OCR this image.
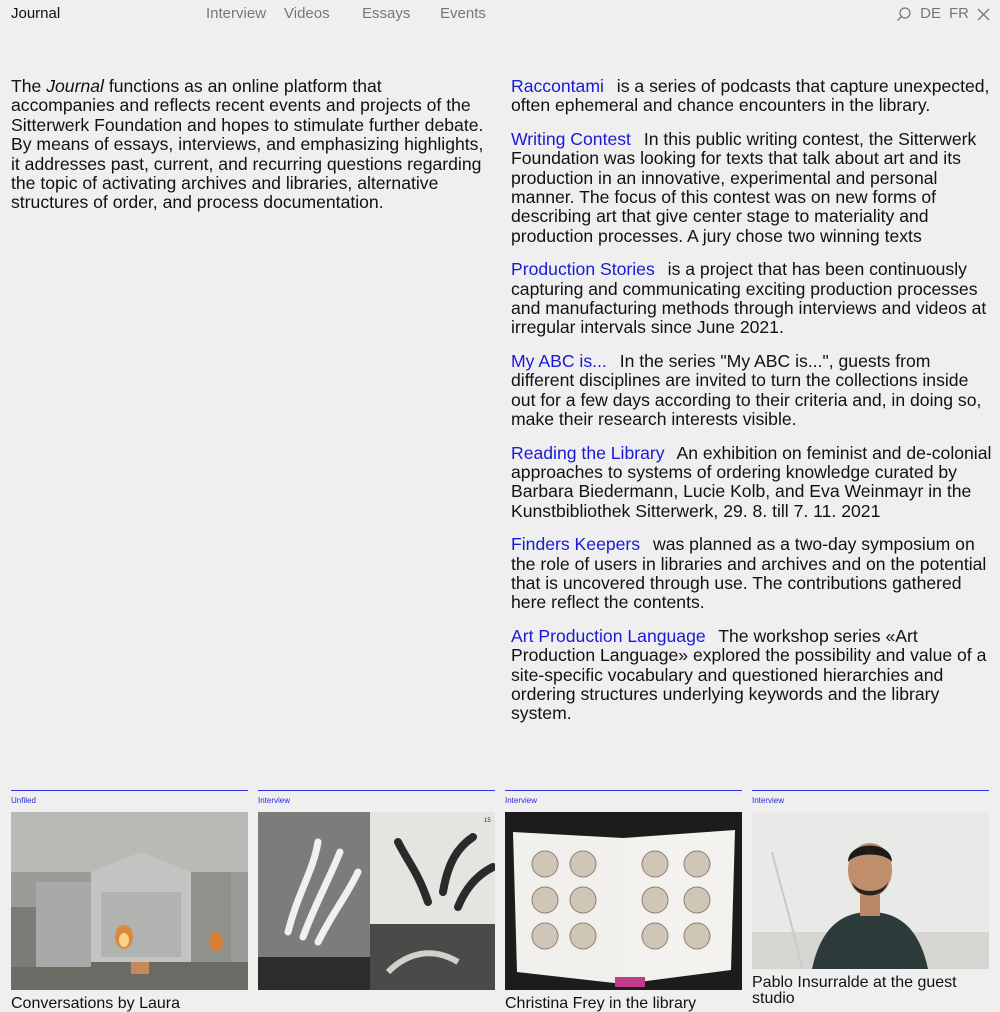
Journal	Interview Videos Essays Events	DE FR
The Journal functions as an online platform that accompanies and reflects recent events and projects of the Sitterwerk Foundation and hopes to stimulate further debate. By means of essays, interviews, and emphasizing highlights, it addresses past, current, and recurring questions regarding the topic of activating archives and libraries, alternative structures of order, and process documentation.

Raccontami is a series of podcasts that capture unexpected, often ephemeral and chance encounters in the library.

Writing Contest In this public writing contest, the Sitterwerk Foundation was looking for texts that talk about art and its production in an innovative, experimental and personal manner. The focus of this contest was on new forms of describing art that give center stage to materiality and production processes. A jury chose two winning texts

Production Stories is a project that has been continuously capturing and communicating exciting production processes and manufacturing methods through interviews and videos at irregular intervals since June 2021.

My ABC is... In the series "My ABC is...", guests from different disciplines are invited to turn the collections inside out for a few days according to their criteria and, in doing so, make their research interests visible.

Reading the Library An exhibition on feminist and de-colonial approaches to systems of ordering knowledge curated by Barbara Biedermann, Lucie Kolb, and Eva Weinmayr in the Kunstbibliothek Sitterwerk, 29. 8. till 7. 11. 2021

Finders Keepers was planned as a two-day symposium on the role of users in libraries and archives and on the potential that is uncovered through use. The contributions gathered here reflect the contents.

Art Production Language The workshop series «Art Production Language» explored the possibility and value of a site-specific vocabulary and questioned hierarchies and ordering structures underlying keywords and the library system.

Unfiled
Conversations by Laura
Interview
15
Interview
Christina Frey in the library
Interview
Pablo Insurralde at the guest studio
